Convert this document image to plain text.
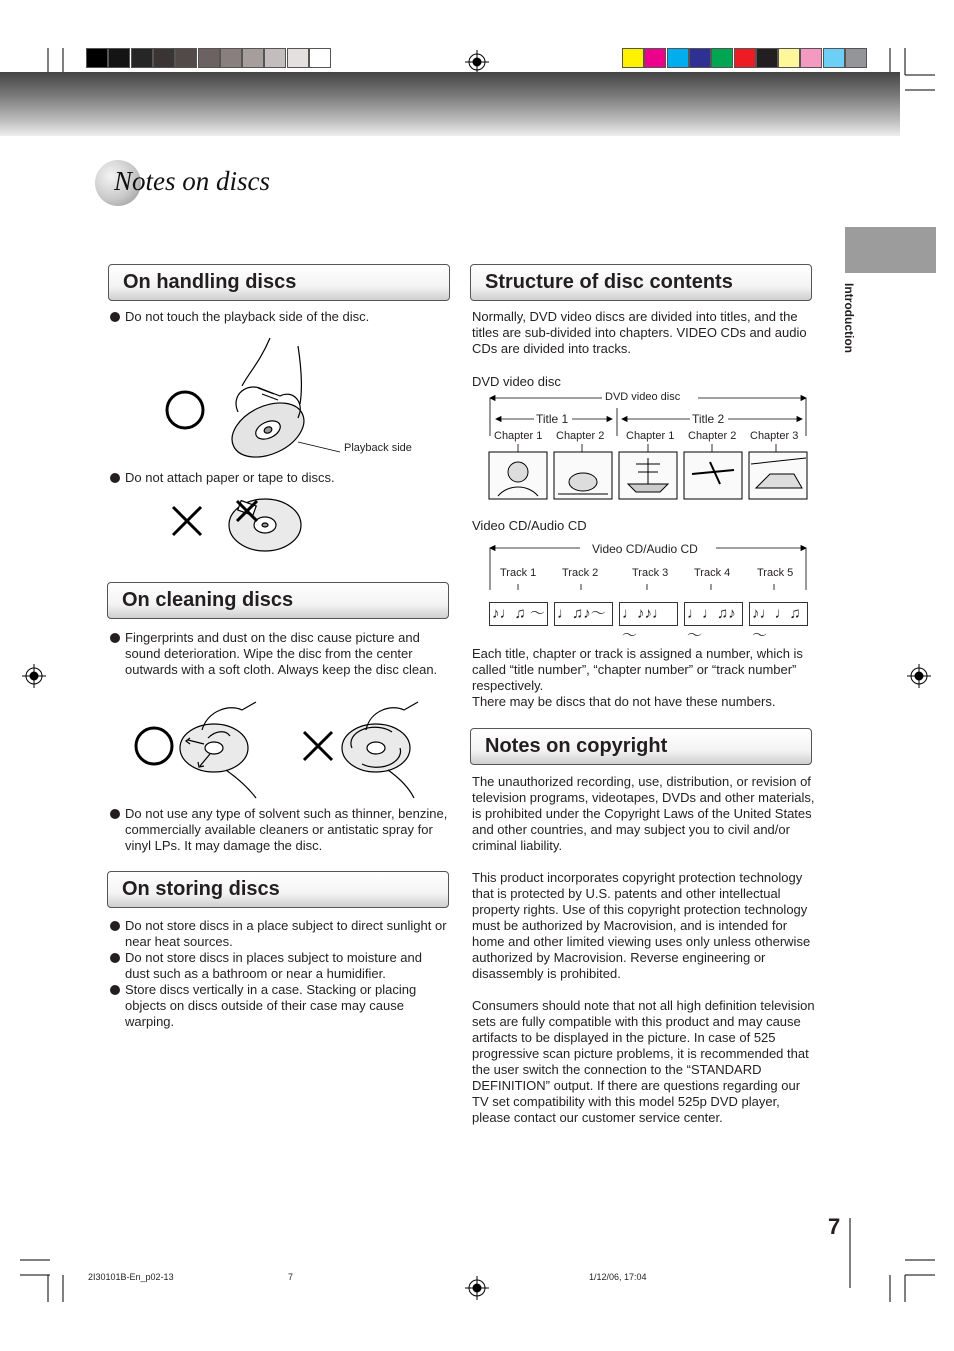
Notes on discs
Introduction
On handling discs
Do not touch the playback side of the disc.
Playback side
Do not attach paper or tape to discs.
On cleaning discs
Fingerprints and dust on the disc cause picture and sound deterioration. Wipe the disc from the center outwards with a soft cloth. Always keep the disc clean.
Do not use any type of solvent such as thinner, benzine, commercially available cleaners or antistatic spray for vinyl LPs. It may damage the disc.
On storing discs
Do not store discs in a place subject to direct sunlight or near heat sources.
Do not store discs in places subject to moisture and dust such as a bathroom or near a humidifier.
Store discs vertically in a case. Stacking or placing objects on discs outside of their case may cause warping.
Structure of disc contents
Normally, DVD video discs are divided into titles, and the titles are sub-divided into chapters. VIDEO CDs and audio CDs are divided into tracks.
DVD video disc
DVD video disc
Title 1	Title 2
Chapter 1 Chapter 2 Chapter 1 Chapter 2 Chapter 3
Video CD/Audio CD
Video CD/Audio CD
Track 1 Track 2	Track 3 Track 4 Track 5
♪♩♫ ～ ♩♫♪～	♩♪♪♩～
♩♩♫♪～
♪♩♩♫～
Each title, chapter or track is assigned a number, which is called “title number”, “chapter number” or “track number” respectively.
There may be discs that do not have these numbers.
Notes on copyright
The unauthorized recording, use, distribution, or revision of television programs, videotapes, DVDs and other materials, is prohibited under the Copyright Laws of the United States and other countries, and may subject you to civil and/or criminal liability.
This product incorporates copyright protection technology that is protected by U.S. patents and other intellectual property rights. Use of this copyright protection technology must be authorized by Macrovision, and is intended for home and other limited viewing uses only unless otherwise authorized by Macrovision. Reverse engineering or disassembly is prohibited.
Consumers should note that not all high definition television sets are fully compatible with this product and may cause artifacts to be displayed in the picture. In case of 525 progressive scan picture problems, it is recommended that the user switch the connection to the “STANDARD DEFINITION” output. If there are questions regarding our TV set compatibility with this model 525p DVD player, please contact our customer service center.
7
2I30101B-En_p02-13	7	1/12/06, 17:04
